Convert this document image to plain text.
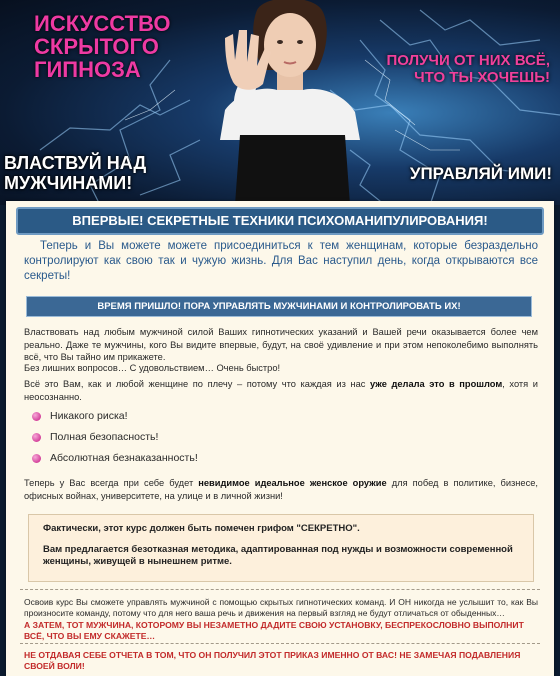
ИСКУССТВО
СКРЫТОГО
ГИПНОЗА	ПОЛУЧИ ОТ НИХ ВСЁ,
ЧТО ТЫ ХОЧЕШЬ!
ВЛАСТВУЙ НАД
МУЖЧИНАМИ!	УПРАВЛЯЙ ИМИ!
ВПЕРВЫЕ! СЕКРЕТНЫЕ ТЕХНИКИ ПСИХОМАНИПУЛИРОВАНИЯ!
Теперь и Вы можете можете присоединиться к тем женщинам, которые безраздельно контролируют как свою так и чужую жизнь. Для Вас наступил день, когда открываются все секреты!
ВРЕМЯ ПРИШЛО! ПОРА УПРАВЛЯТЬ МУЖЧИНАМИ И КОНТРОЛИРОВАТЬ ИХ!
Властвовать над любым мужчиной силой Ваших гипнотических указаний и Вашей речи оказывается более чем реально. Даже те мужчины, кого Вы видите впервые, будут, на своё удивление и при этом непоколебимо выполнять всё, что Вы тайно им прикажете.
Без лишних вопросов… С удовольствием… Очень быстро!
Всё это Вам, как и любой женщине по плечу – потому что каждая из нас уже делала это в прошлом, хотя и неосознанно.
Никакого риска!
Полная безопасность!
Абсолютная безнаказанность!
Теперь у Вас всегда при себе будет невидимое идеальное женское оружие для побед в политике, бизнесе, офисных войнах, университете, на улице и в личной жизни!
Фактически, этот курс должен быть помечен грифом "СЕКРЕТНО".
Вам предлагается безотказная методика, адаптированная под нужды и возможности современной женщины, живущей в нынешнем ритме.
Освоив курс Вы сможете управлять мужчиной с помощью скрытых гипнотических команд. И ОН никогда не услышит то, как Вы произносите команду, потому что для него ваша речь и движения на первый взгляд не будут отличаться от обыденных…
А ЗАТЕМ, ТОТ МУЖЧИНА, КОТОРОМУ ВЫ НЕЗАМЕТНО ДАДИТЕ СВОЮ УСТАНОВКУ, БЕСПРЕКОСЛОВНО ВЫПОЛНИТ ВСЁ, ЧТО ВЫ ЕМУ СКАЖЕТЕ…
НЕ ОТДАВАЯ СЕБЕ ОТЧЕТА В ТОМ, ЧТО ОН ПОЛУЧИЛ ЭТОТ ПРИКАЗ ИМЕННО ОТ ВАС! НЕ ЗАМЕЧАЯ ПОДАВЛЕНИЯ СВОЕЙ ВОЛИ!
